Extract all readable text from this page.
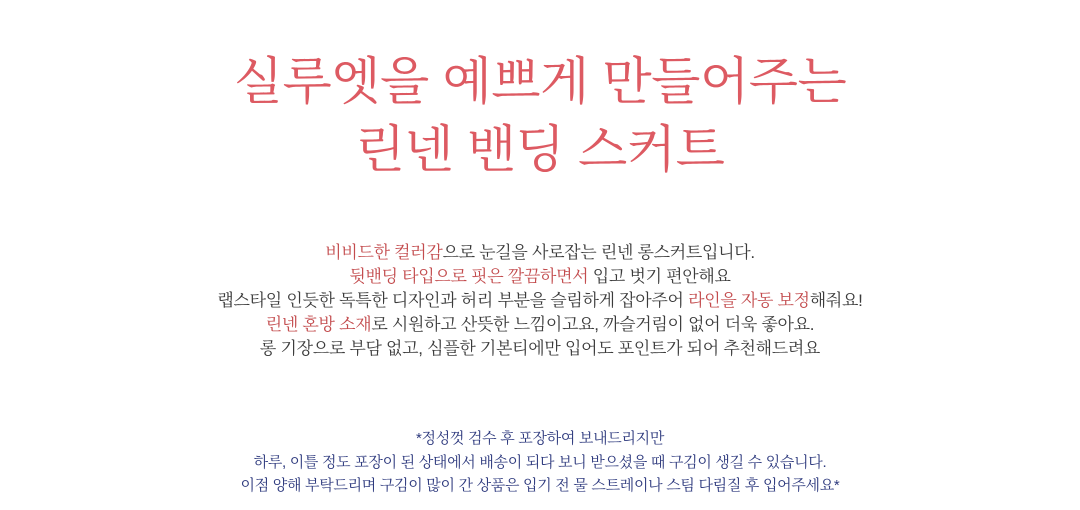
실루엣을 예쁘게 만들어주는
린넨 밴딩 스커트

비비드한 컬러감으로 눈길을 사로잡는 린넨 롱스커트입니다.

뒷밴딩 타입으로 핏은 깔끔하면서 입고 벗기 편안해요

랩스타일 인듯한 독특한 디자인과 허리 부분을 슬림하게 잡아주어 라인을 자동 보정해줘요!

린넨 혼방 소재로 시원하고 산뜻한 느낌이고요, 까슬거림이 없어 더욱 좋아요.

롱 기장으로 부담 없고, 심플한 기본티에만 입어도 포인트가 되어 추천해드려요

*정성껏 검수 후 포장하여 보내드리지만

하루, 이틀 정도 포장이 된 상태에서 배송이 되다 보니 받으셨을 때 구김이 생길 수 있습니다.

이점 양해 부탁드리며 구김이 많이 간 상품은 입기 전 물 스트레이나 스팀 다림질 후 입어주세요*
